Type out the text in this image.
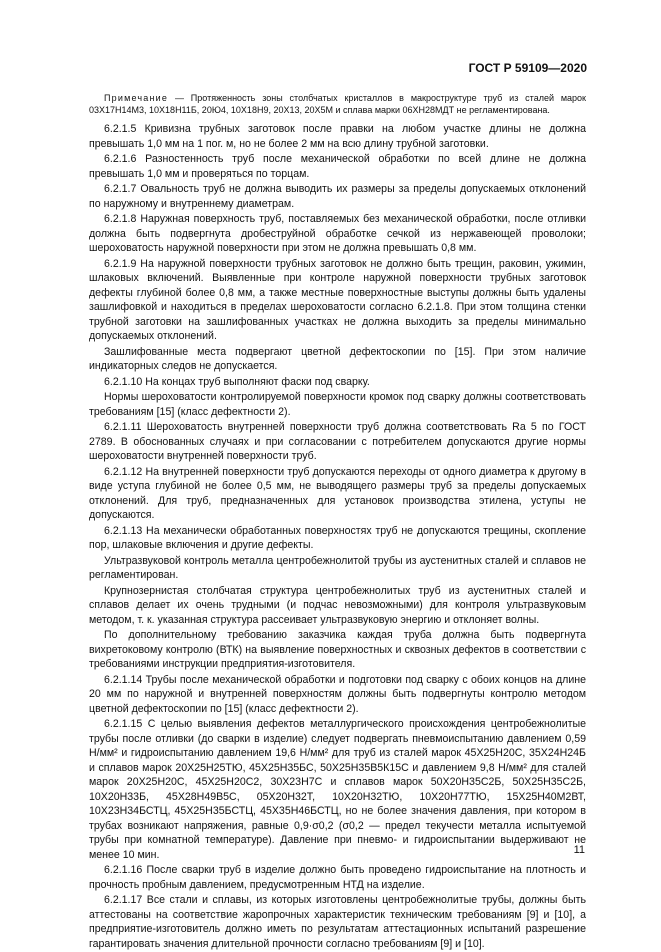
ГОСТ Р 59109—2020

Примечание — Протяженность зоны столбчатых кристаллов в макроструктуре труб из сталей марок 03Х17Н14М3, 10Х18Н11Б, 20Ю4, 10Х18Н9, 20Х13, 20Х5М и сплава марки 06ХН28МДТ не регламентирована.

6.2.1.5 Кривизна трубных заготовок после правки на любом участке длины не должна превышать 1,0 мм на 1 пог. м, но не более 2 мм на всю длину трубной заготовки.

6.2.1.6 Разностенность труб после механической обработки по всей длине не должна превышать 1,0 мм и проверяться по торцам.

6.2.1.7 Овальность труб не должна выводить их размеры за пределы допускаемых отклонений по наружному и внутреннему диаметрам.

6.2.1.8 Наружная поверхность труб, поставляемых без механической обработки, после отливки должна быть подвергнута дробеструйной обработке сечкой из нержавеющей проволоки; шероховатость наружной поверхности при этом не должна превышать 0,8 мм.

6.2.1.9 На наружной поверхности трубных заготовок не должно быть трещин, раковин, ужимин, шлаковых включений. Выявленные при контроле наружной поверхности трубных заготовок дефекты глубиной более 0,8 мм, а также местные поверхностные выступы должны быть удалены зашлифовкой и находиться в пределах шероховатости согласно 6.2.1.8. При этом толщина стенки трубной заготовки на зашлифованных участках не должна выходить за пределы минимально допускаемых отклонений.

Зашлифованные места подвергают цветной дефектоскопии по [15]. При этом наличие индикаторных следов не допускается.

6.2.1.10 На концах труб выполняют фаски под сварку.

Нормы шероховатости контролируемой поверхности кромок под сварку должны соответствовать требованиям [15] (класс дефектности 2).

6.2.1.11 Шероховатость внутренней поверхности труб должна соответствовать Ra 5 по ГОСТ 2789. В обоснованных случаях и при согласовании с потребителем допускаются другие нормы шероховатости внутренней поверхности труб.

6.2.1.12 На внутренней поверхности труб допускаются переходы от одного диаметра к другому в виде уступа глубиной не более 0,5 мм, не выводящего размеры труб за пределы допускаемых отклонений. Для труб, предназначенных для установок производства этилена, уступы не допускаются.

6.2.1.13 На механически обработанных поверхностях труб не допускаются трещины, скопление пор, шлаковые включения и другие дефекты.

Ультразвуковой контроль металла центробежнолитой трубы из аустенитных сталей и сплавов не регламентирован.

Крупнозернистая столбчатая структура центробежнолитых труб из аустенитных сталей и сплавов делает их очень трудными (и подчас невозможными) для контроля ультразвуковым методом, т. к. указанная структура рассеивает ультразвуковую энергию и отклоняет волны.

По дополнительному требованию заказчика каждая труба должна быть подвергнута вихретоковому контролю (ВТК) на выявление поверхностных и сквозных дефектов в соответствии с требованиями инструкции предприятия-изготовителя.

6.2.1.14 Трубы после механической обработки и подготовки под сварку с обоих концов на длине 20 мм по наружной и внутренней поверхностям должны быть подвергнуты контролю методом цветной дефектоскопии по [15] (класс дефектности 2).

6.2.1.15 С целью выявления дефектов металлургического происхождения центробежнолитые трубы после отливки (до сварки в изделие) следует подвергать пневмоиспытанию давлением 0,59 Н/мм² и гидроиспытанию давлением 19,6 Н/мм² для труб из сталей марок 45Х25Н20С, 35Х24Н24Б и сплавов марок 20Х25Н25ТЮ, 45Х25Н35БС, 50Х25Н35В5К15С и давлением 9,8 Н/мм² для сталей марок 20Х25Н20С, 45Х25Н20С2, 30Х23Н7С и сплавов марок 50Х20Н35С2Б, 50Х25Н35С2Б, 10Х20Н33Б, 45Х28Н49В5С, 05Х20Н32Т, 10Х20Н32ТЮ, 10Х20Н77ТЮ, 15Х25Н40М2ВТ, 10Х23Н34БСТЦ, 45Х25Н35БСТЦ, 45Х35Н46БСТЦ, но не более значения давления, при котором в трубах возникают напряжения, равные 0,9·σ0,2 (σ0,2 — предел текучести металла испытуемой трубы при комнатной температуре). Давление при пневмо- и гидроиспытании выдерживают не менее 10 мин.

6.2.1.16 После сварки труб в изделие должно быть проведено гидроиспытание на плотность и прочность пробным давлением, предусмотренным НТД на изделие.

6.2.1.17 Все стали и сплавы, из которых изготовлены центробежнолитые трубы, должны быть аттестованы на соответствие жаропрочных характеристик техническим требованиям [9] и [10], а предприятие-изготовитель должно иметь по результатам аттестационных испытаний разрешение гарантировать значения длительной прочности согласно требованиям [9] и [10].

11
